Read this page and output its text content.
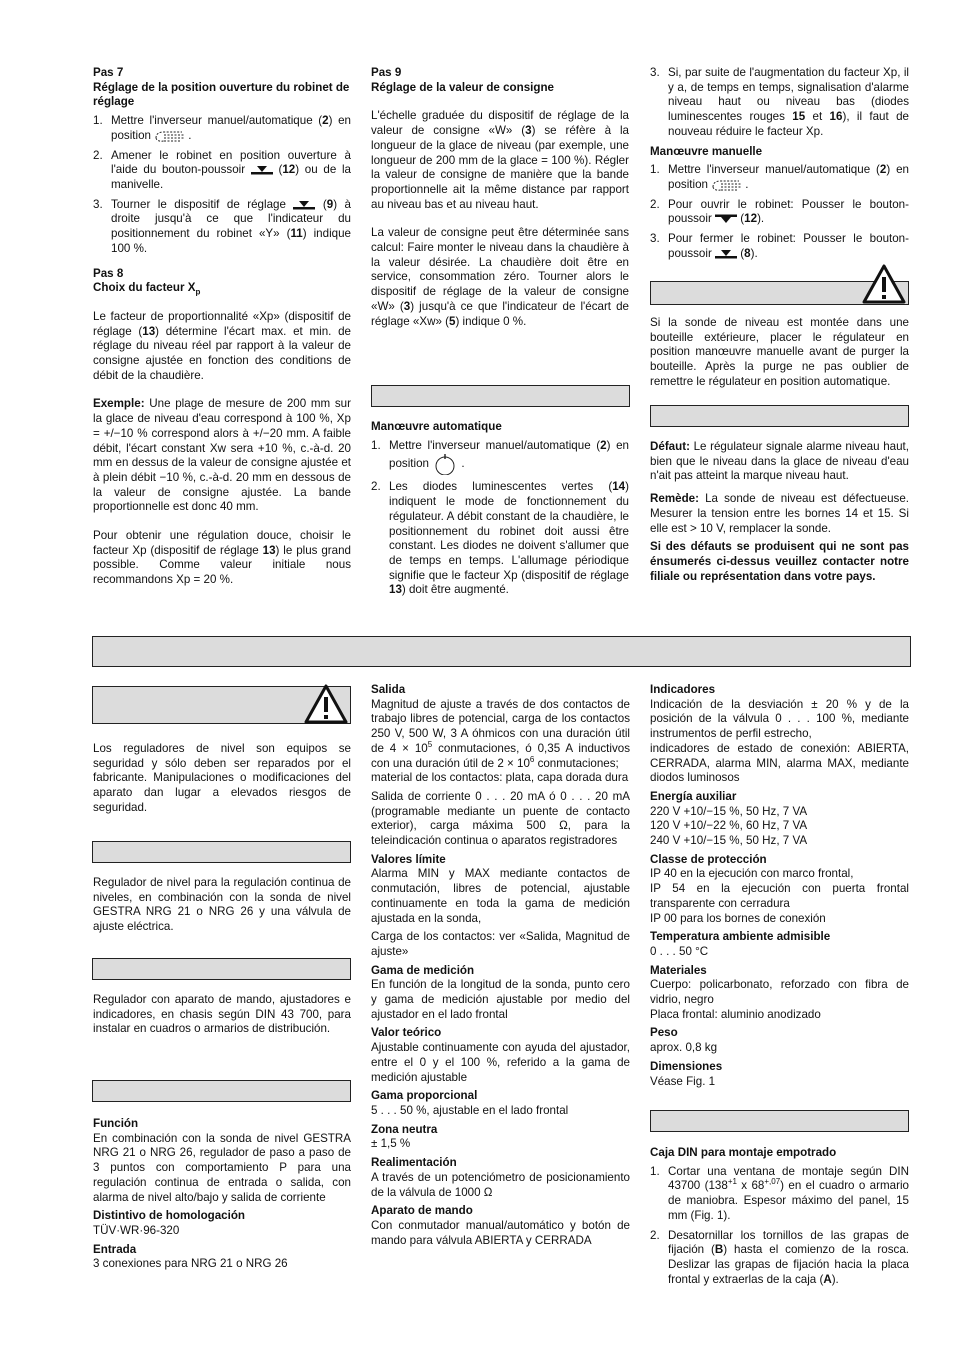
Pas 7

Réglage de la position ouverture du robinet de réglage

1. Mettre l'inverseur manuel/automatique (2) en position	.
2. Amener le robinet en position ouverture à l'aide du bouton-poussoir  (12) ou de la manivelle.
3. Tourner le dispositif de réglage	(9) à droite jusqu'à ce que l'indicateur du positionnement du robinet «Y» (11) indique 100 %.

Pas 8

Choix du facteur $X_p$

Le facteur de proportionnalité «Xp» (dispositif de réglage (13) détermine l'écart max. et min. de réglage du niveau réel par rapport à la valeur de consigne ajustée en fonction des conditions de débit de la chaudière.

Exemple: Une plage de mesure de 200 mm sur la glace de niveau d'eau correspond à 100 %, Xp = +/−10 % correspond alors à +/−20 mm. A faible débit, l'écart constant Xw sera +10 %, c.-à-d. 20 mm en dessus de la valeur de consigne ajustée et à plein débit −10 %, c.-à-d. 20 mm en dessous de la valeur de consigne ajustée. La bande proportionnelle est donc 40 mm.

Pour obtenir une régulation douce, choisir le facteur Xp (dispositif de réglage 13) le plus grand possible. Comme valeur initiale nous recommandons Xp = 20 %.

Pas 9

Réglage de la valeur de consigne

L'échelle graduée du dispositif de réglage de la valeur de consigne «W» (3) se réfère à la longueur de la glace de niveau (par exemple, une longueur de 200 mm de la glace = 100 %). Régler la valeur de consigne de manière que la bande proportionnelle ait la même distance par rapport au niveau bas et au niveau haut.

La valeur de consigne peut être déterminée sans calcul: Faire monter le niveau dans la chaudière à la valeur désirée. La chaudière doit être en service, consommation zéro. Tourner alors le dispositif de réglage de la valeur de consigne «W» (3) jusqu'à ce que l'indicateur de l'écart de réglage «Xw» (5) indique 0 %.

Manœuvre automatique

1. Mettre l'inverseur manuel/automatique (2) en position	.
2. Les diodes luminescentes vertes (14) indiquent le mode de fonctionnement du régulateur. A débit constant de la chaudière, le positionnement du robinet doit aussi être constant. Les diodes ne doivent s'allumer que de temps en temps. L'allumage périodique signifie que le facteur Xp (dispositif de réglage 13) doit être augmenté.
3. Si, par suite de l'augmentation du facteur Xp, il y a, de temps en temps, signalisation d'alarme niveau haut ou niveau bas (diodes luminescentes rouges 15 et 16), il faut de nouveau réduire le facteur Xp.

Manœuvre manuelle

1. Mettre l'inverseur manuel/automatique (2) en position	.
2. Pour ouvrir le robinet: Pousser le bouton-poussoir  (12).
3. Pour fermer le robinet: Pousser le bouton-poussoir  (8).

Si la sonde de niveau est montée dans une bouteille extérieure, placer le régulateur en position manœuvre manuelle avant de purger la bouteille. Après la purge ne pas oublier de remettre le régulateur en position automatique.

Défaut: Le régulateur signale alarme niveau haut, bien que le niveau dans la glace de niveau d'eau n'ait pas atteint la marque niveau haut.

Remède: La sonde de niveau est défectueuse. Mesurer la tension entre les bornes 14 et 15. Si elle est > 10 V, remplacer la sonde.

Si des défauts se produisent qui ne sont pas énsumerés ci-dessus veuillez contacter notre filiale ou représentation dans votre pays.

Los reguladores de nivel son equipos se seguridad y sólo deben ser reparados por el fabricante. Manipulaciones o modificaciones del aparato dan lugar a elevados riesgos de seguridad.

Regulador de nivel para la regulación continua de niveles, en combinación con la sonda de nivel GESTRA NRG 21 o NRG 26 y una válvula de ajuste eléctrica.

Regulador con aparato de mando, ajustadores e indicadores, en chasis según DIN 43 700, para instalar en cuadros o armarios de distribución.

Función

En combinación con la sonda de nivel GESTRA NRG 21 o NRG 26, regulador de paso a paso de 3 puntos con comportamiento P para una regulación continua de entrada o salida, con alarma de nivel alto/bajo y salida de corriente

Distintivo de homologación

TÜV·WR·96-320

Entrada

3 conexiones para NRG 21 o NRG 26

Salida

Magnitud de ajuste a través de dos contactos de trabajo libres de potencial, carga de los contactos 250 V, 500 W, 3 A óhmicos con una duración útil de $4 \times 10^5$ conmutaciones, ó 0,35 A inductivos con una duración útil de $2 \times 10^6$ conmutaciones;

material de los contactos: plata, capa dorada dura

Salida de corriente 0 . . . 20 mA ó 0 . . . 20 mA (programable mediante un puente de contacto exterior), carga máxima 500 Ω, para la teleindicación continua o aparatos registradores

Valores límite

Alarma MIN y MAX mediante contactos de conmutación, libres de potencial, ajustable continuamente en toda la gama de medición ajustada en la sonda,

Carga de los contactos: ver «Salida, Magnitud de ajuste»

Gama de medición

En función de la longitud de la sonda, punto cero y gama de medición ajustable por medio del ajustador en el lado frontal

Valor teórico

Ajustable continuamente con ayuda del ajustador, entre el 0 y el 100 %, referido a la gama de medición ajustable

Gama proporcional

5 . . . 50 %, ajustable en el lado frontal

Zona neutra

± 1,5 %

Realimentación

A través de un potenciómetro de posicionamiento de la válvula de 1000 Ω

Aparato de mando

Con conmutador manual/automático y botón de mando para válvula ABIERTA y CERRADA

Indicadores

Indicación de la desviación ± 20 % y de la posición de la válvula 0 . . . 100 %, mediante instrumentos de perfil estrecho,

indicadores de estado de conexión: ABIERTA, CERRADA, alarma MIN, alarma MAX, mediante diodos luminosos

Energía auxiliar

220 V +10/−15 %, 50 Hz, 7 VA

120 V +10/−22 %, 60 Hz, 7 VA

240 V +10/−15 %, 50 Hz, 7 VA

Classe de protección

IP 40 en la ejecución con marco frontal,

IP 54 en la ejecución con puerta frontal transparente con cerradura

IP 00 para los bornes de conexión

Temperatura ambiente admisible

0 . . . 50 °C

Materiales

Cuerpo: policarbonato, reforzado con fibra de vidrio, negro

Placa frontal: aluminio anodizado

Peso

aprox. 0,8 kg

Dimensiones

Véase Fig. 1

Caja DIN para montaje empotrado

1. Cortar una ventana de montaje según DIN 43700 ($138^{+1}$ x $68^{+,07}$) en el cuadro o armario de maniobra. Espesor máximo del panel, 15 mm (Fig. 1).
2. Desatornillar los tornillos de las grapas de fijación (B) hasta el comienzo de la rosca. Deslizar las grapas de fijación hacia la placa frontal y extraerlas de la caja (A).
